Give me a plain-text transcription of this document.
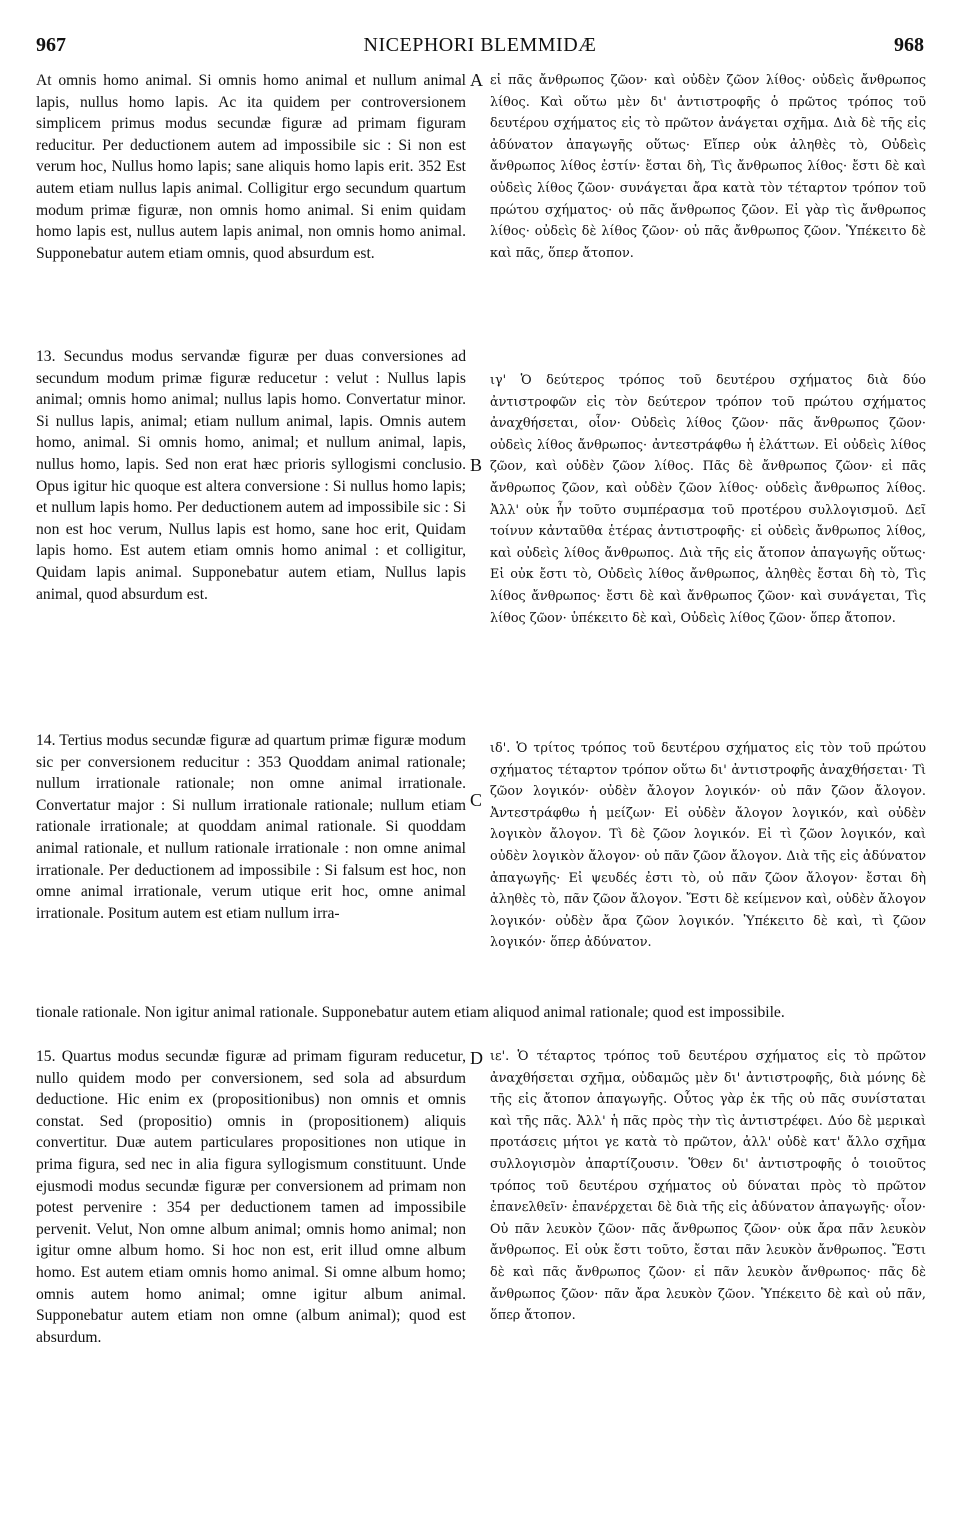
967	NICEPHORI BLEMMIDÆ	968

At omnis homo animal. Si omnis homo animal et nullum animal lapis, nullus homo lapis. Ac ita quidem per controversionem simplicem primus modus secundæ figuræ ad primam figuram reducitur. Per deductionem autem ad impossibile sic : Si non est verum hoc, Nullus homo lapis; sane aliquis homo lapis erit. 352 Est autem etiam nullus lapis animal. Colligitur ergo secundum quartum modum primæ figuræ, non omnis homo animal. Si enim quidam homo lapis est, nullus autem lapis animal, non omnis homo animal. Supponebatur autem etiam omnis, quod absurdum est.

13. Secundus modus servandæ figuræ per duas conversiones ad secundum modum primæ figuræ reducetur : velut : Nullus lapis animal; omnis homo animal; nullus lapis homo. Convertatur minor. Si nullus lapis, animal; etiam nullum animal, lapis. Omnis autem homo, animal. Si omnis homo, animal; et nullum animal, lapis, nullus homo, lapis. Sed non erat hæc prioris syllogismi conclusio. Opus igitur hic quoque est altera conversione : Si nullus homo lapis; et nullum lapis homo. Per deductionem autem ad impossibile sic : Si non est hoc verum, Nullus lapis est homo, sane hoc erit, Quidam lapis homo. Est autem etiam omnis homo animal : et colligitur, Quidam lapis animal. Supponebatur autem etiam, Nullus lapis animal, quod absurdum est.

14. Tertius modus secundæ figuræ ad quartum primæ figuræ modum sic per conversionem reducitur : 353 Quoddam animal rationale; nullum irrationale rationale; non omne animal irrationale. Convertatur major : Si nullum irrationale rationale; nullum etiam rationale irrationale; at quoddam animal rationale. Si quoddam animal rationale, et nullum rationale irrationale : non omne animal irrationale. Per deductionem ad impossibile : Si falsum est hoc, non omne animal irrationale, verum utique erit hoc, omne animal irrationale. Positum autem est etiam nullum irra-

tionale rationale. Non igitur animal rationale. Supponebatur autem etiam aliquod animal rationale; quod est impossibile.

15. Quartus modus secundæ figuræ ad primam figuram reducetur, nullo quidem modo per conversionem, sed sola ad absurdum deductione. Hic enim ex (propositionibus) non omnis et omnis constat. Sed (propositio) omnis in (propositionem) aliquis convertitur. Duæ autem particulares propositiones non utique in prima figura, sed nec in alia figura syllogismum constituunt. Unde ejusmodi modus secundæ figuræ per conversionem ad primam non potest pervenire : 354 per deductionem tamen ad impossibile pervenit. Velut, Non omne album animal; omnis homo animal; non igitur omne album homo. Si hoc non est, erit illud omne album homo. Est autem etiam omnis homo animal. Si omne album homo; omnis autem homo animal; omne igitur album animal. Supponebatur autem etiam non omne (album animal); quod est absurdum.

A
B
C
D

εἰ πᾶς ἄνθρωπος ζῶον· καὶ οὐδὲν ζῶον λίθος· οὐδεὶς ἄνθρωπος λίθος. Καὶ οὕτω μὲν δι' ἀντιστροφῆς ὁ πρῶτος τρόπος τοῦ δευτέρου σχήματος εἰς τὸ πρῶτον ἀνάγεται σχῆμα. Διὰ δὲ τῆς εἰς ἀδύνατον ἀπαγωγῆς οὕτως· Εἴπερ οὐκ ἀληθὲς τὸ, Οὐδεὶς ἄνθρωπος λίθος ἐστίν· ἔσται δὴ, Τὶς ἄνθρωπος λίθος· ἔστι δὲ καὶ οὐδεὶς λίθος ζῶον· συνάγεται ἄρα κατὰ τὸν τέταρτον τρόπον τοῦ πρώτου σχήματος· οὐ πᾶς ἄνθρωπος ζῶον. Εἰ γὰρ τὶς ἄνθρωπος λίθος· οὐδεὶς δὲ λίθος ζῶον· οὐ πᾶς ἄνθρωπος ζῶον. Ὑπέκειτο δὲ καὶ πᾶς, ὅπερ ἄτοπον.

ιγ' Ὁ δεύτερος τρόπος τοῦ δευτέρου σχήματος διὰ δύο ἀντιστροφῶν εἰς τὸν δεύτερον τρόπον τοῦ πρώτου σχήματος ἀναχθήσεται, οἷον· Οὐδεὶς λίθος ζῶον· πᾶς ἄνθρωπος ζῶον· οὐδεὶς λίθος ἄνθρωπος· ἀντεστράφθω ἡ ἐλάττων. Εἰ οὐδεὶς λίθος ζῶον, καὶ οὐδὲν ζῶον λίθος. Πᾶς δὲ ἄνθρωπος ζῶον· εἰ πᾶς ἄνθρωπος ζῶον, καὶ οὐδὲν ζῶον λίθος· οὐδεὶς ἄνθρωπος λίθος. Ἀλλ' οὐκ ἦν τοῦτο συμπέρασμα τοῦ προτέρου συλλογισμοῦ. Δεῖ τοίνυν κἀνταῦθα ἑτέρας ἀντιστροφῆς· εἰ οὐδεὶς ἄνθρωπος λίθος, καὶ οὐδεὶς λίθος ἄνθρωπος. Διὰ τῆς εἰς ἄτοπον ἀπαγωγῆς οὕτως· Εἰ οὐκ ἔστι τὸ, Οὐδεὶς λίθος ἄνθρωπος, ἀληθὲς ἔσται δὴ τὸ, Τὶς λίθος ἄνθρωπος· ἔστι δὲ καὶ ἄνθρωπος ζῶον· καὶ συνάγεται, Τὶς λίθος ζῶον· ὑπέκειτο δὲ καὶ, Οὐδεὶς λίθος ζῶον· ὅπερ ἄτοπον.

ιδ'. Ὁ τρίτος τρόπος τοῦ δευτέρου σχήματος εἰς τὸν τοῦ πρώτου σχήματος τέταρτον τρόπον οὕτω δι' ἀντιστροφῆς ἀναχθήσεται· Τὶ ζῶον λογικόν· οὐδὲν ἄλογον λογικόν· οὐ πᾶν ζῶον ἄλογον. Ἀντεστράφθω ἡ μείζων· Εἰ οὐδὲν ἄλογον λογικόν, καὶ οὐδὲν λογικὸν ἄλογον. Τὶ δὲ ζῶον λογικόν. Εἰ τὶ ζῶον λογικόν, καὶ οὐδὲν λογικὸν ἄλογον· οὐ πᾶν ζῶον ἄλογον. Διὰ τῆς εἰς ἀδύνατον ἀπαγωγῆς· Εἰ ψευδές ἐστι τὸ, οὐ πᾶν ζῶον ἄλογον· ἔσται δὴ ἀληθὲς τὸ, πᾶν ζῶον ἄλογον. Ἔστι δὲ κείμενον καὶ, οὐδὲν ἄλογον λογικόν· οὐδὲν ἄρα ζῶον λογικόν. Ὑπέκειτο δὲ καὶ, τὶ ζῶον λογικόν· ὅπερ ἀδύνατον.

ιε'. Ὁ τέταρτος τρόπος τοῦ δευτέρου σχήματος εἰς τὸ πρῶτον ἀναχθήσεται σχῆμα, οὐδαμῶς μὲν δι' ἀντιστροφῆς, διὰ μόνης δὲ τῆς εἰς ἄτοπον ἀπαγωγῆς. Οὗτος γὰρ ἐκ τῆς οὐ πᾶς συνίσταται καὶ τῆς πᾶς. Ἀλλ' ἡ πᾶς πρὸς τὴν τὶς ἀντιστρέφει. Δύο δὲ μερικαὶ προτάσεις μήτοι γε κατὰ τὸ πρῶτον, ἀλλ' οὐδὲ κατ' ἄλλο σχῆμα συλλογισμὸν ἀπαρτίζουσιν. Ὅθεν δι' ἀντιστροφῆς ὁ τοιοῦτος τρόπος τοῦ δευτέρου σχήματος οὐ δύναται πρὸς τὸ πρῶτον ἐπανελθεῖν· ἐπανέρχεται δὲ διὰ τῆς εἰς ἀδύνατον ἀπαγωγῆς· οἷον· Οὐ πᾶν λευκὸν ζῶον· πᾶς ἄνθρωπος ζῶον· οὐκ ἄρα πᾶν λευκὸν ἄνθρωπος. Εἰ οὐκ ἔστι τοῦτο, ἔσται πᾶν λευκὸν ἄνθρωπος. Ἔστι δὲ καὶ πᾶς ἄνθρωπος ζῶον· εἰ πᾶν λευκὸν ἄνθρωπος· πᾶς δὲ ἄνθρωπος ζῶον· πᾶν ἄρα λευκὸν ζῶον. Ὑπέκειτο δὲ καὶ οὐ πᾶν, ὅπερ ἄτοπον.
